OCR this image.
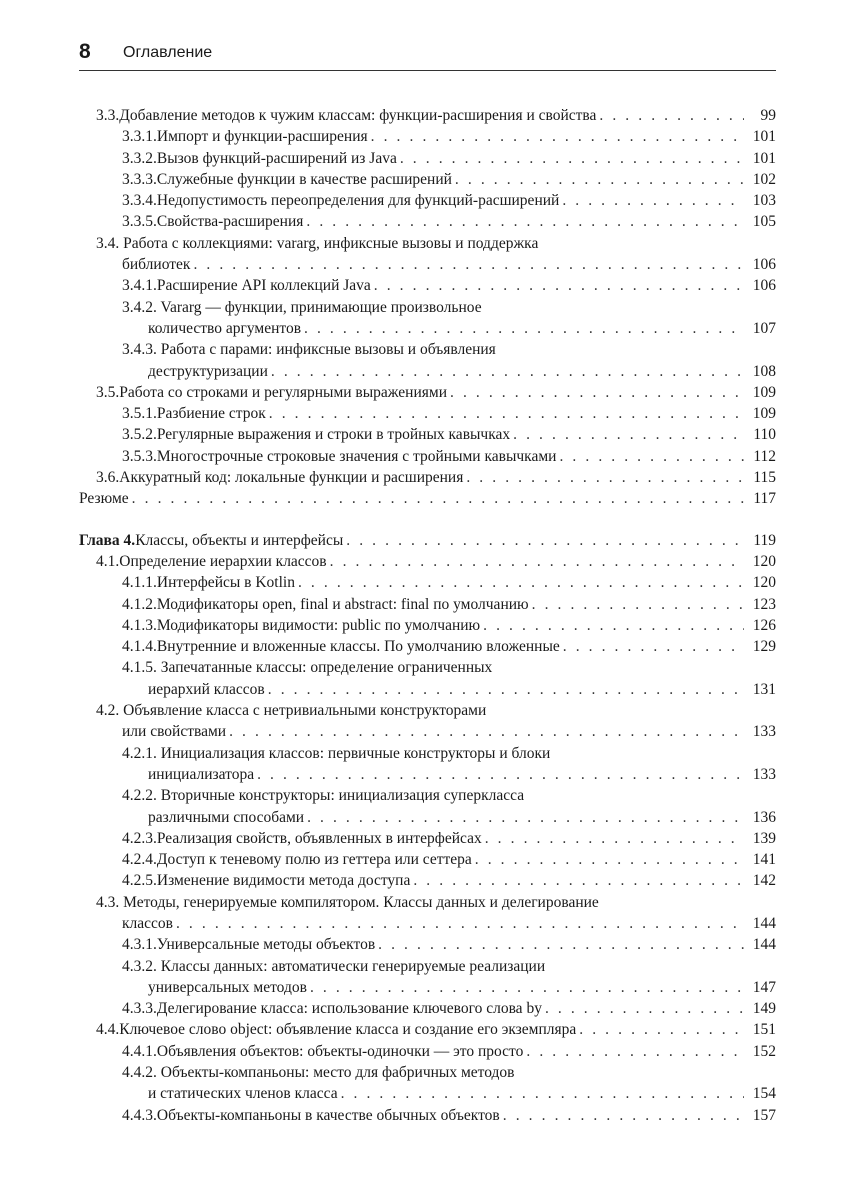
8 Оглавление
3.3. Добавление методов к чужим классам: функции-расширения и свойства . . .	99
3.3.1. Импорт и функции-расширения . . .	101
3.3.2. Вызов функций-расширений из Java . . .	101
3.3.3. Служебные функции в качестве расширений . . .	102
3.3.4. Недопустимость переопределения для функций-расширений . . .	103
3.3.5. Свойства-расширения . . .	105
3.4. Работа с коллекциями: vararg, инфиксные вызовы и поддержка
библиотек . . .	106
3.4.1. Расширение API коллекций Java . . .	106
3.4.2. Vararg — функции, принимающие произвольное
количество аргументов . . .	107
3.4.3. Работа с парами: инфиксные вызовы и объявления
деструктуризации . . .	108
3.5. Работа со строками и регулярными выражениями . . .	109
3.5.1. Разбиение строк . . .	109
3.5.2. Регулярные выражения и строки в тройных кавычках . . .	110
3.5.3. Многострочные строковые значения с тройными кавычками . . .	112
3.6. Аккуратный код: локальные функции и расширения . . .	115
Резюме . . .	117
Глава 4. Классы, объекты и интерфейсы . . .	119
4.1. Определение иерархии классов . . .	120
4.1.1. Интерфейсы в Kotlin . . .	120
4.1.2. Модификаторы open, final и abstract: final по умолчанию . . .	123
4.1.3. Модификаторы видимости: public по умолчанию . . .	126
4.1.4. Внутренние и вложенные классы. По умолчанию вложенные . . .	129
4.1.5. Запечатанные классы: определение ограниченных
иерархий классов . . .	131
4.2. Объявление класса с нетривиальными конструкторами
или свойствами . . .	133
4.2.1. Инициализация классов: первичные конструкторы и блоки
инициализатора . . .	133
4.2.2. Вторичные конструкторы: инициализация суперкласса
различными способами . . .	136
4.2.3. Реализация свойств, объявленных в интерфейсах . . .	139
4.2.4. Доступ к теневому полю из геттера или сеттера . . .	141
4.2.5. Изменение видимости метода доступа . . .	142
4.3. Методы, генерируемые компилятором. Классы данных и делегирование
классов . . .	144
4.3.1. Универсальные методы объектов . . .	144
4.3.2. Классы данных: автоматически генерируемые реализации
универсальных методов . . .	147
4.3.3. Делегирование класса: использование ключевого слова by . . .	149
4.4. Ключевое слово object: объявление класса и создание его экземпляра . . .	151
4.4.1. Объявления объектов: объекты-одиночки — это просто . . .	152
4.4.2. Объекты-компаньоны: место для фабричных методов
и статических членов класса . . .	154
4.4.3. Объекты-компаньоны в качестве обычных объектов . . .	157
